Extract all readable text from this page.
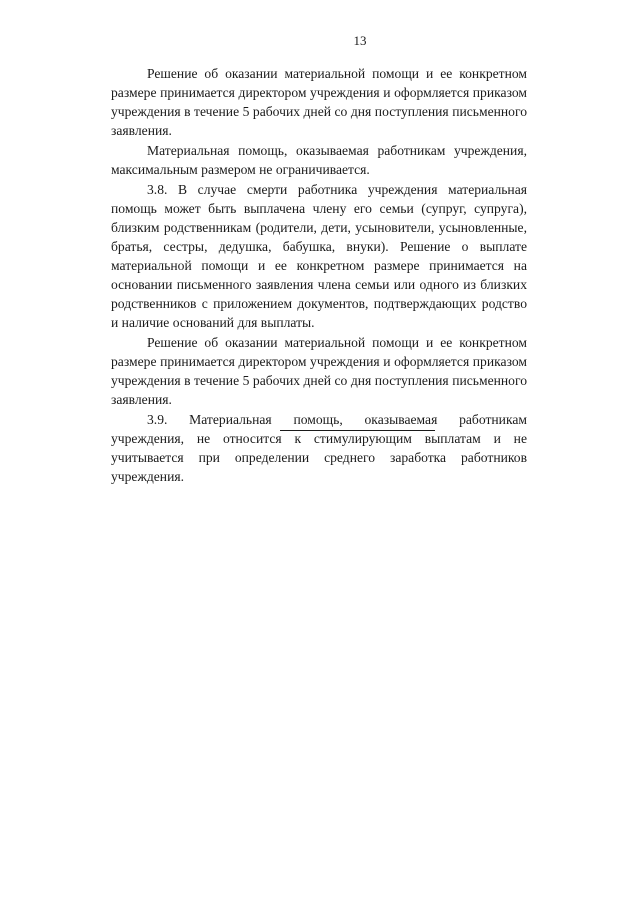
13

Решение об оказании материальной помощи и ее конкретном размере принимается директором учреждения и оформляется приказом учреждения в течение 5 рабочих дней со дня поступления письменного заявления.

Материальная помощь, оказываемая работникам учреждения, максимальным размером не ограничивается.

3.8. В случае смерти работника учреждения материальная помощь может быть выплачена члену его семьи (супруг, супруга), близким родственникам (родители, дети, усыновители, усыновленные, братья, сестры, дедушка, бабушка, внуки). Решение о выплате материальной помощи и ее конкретном размере принимается на основании письменного заявления члена семьи или одного из близких родственников с приложением документов, подтверждающих родство и наличие оснований для выплаты.

Решение об оказании материальной помощи и ее конкретном размере принимается директором учреждения и оформляется приказом учреждения в течение 5 рабочих дней со дня поступления письменного заявления.

3.9. Материальная помощь, оказываемая работникам учреждения, не относится к стимулирующим выплатам и не учитывается при определении среднего заработка работников учреждения.
